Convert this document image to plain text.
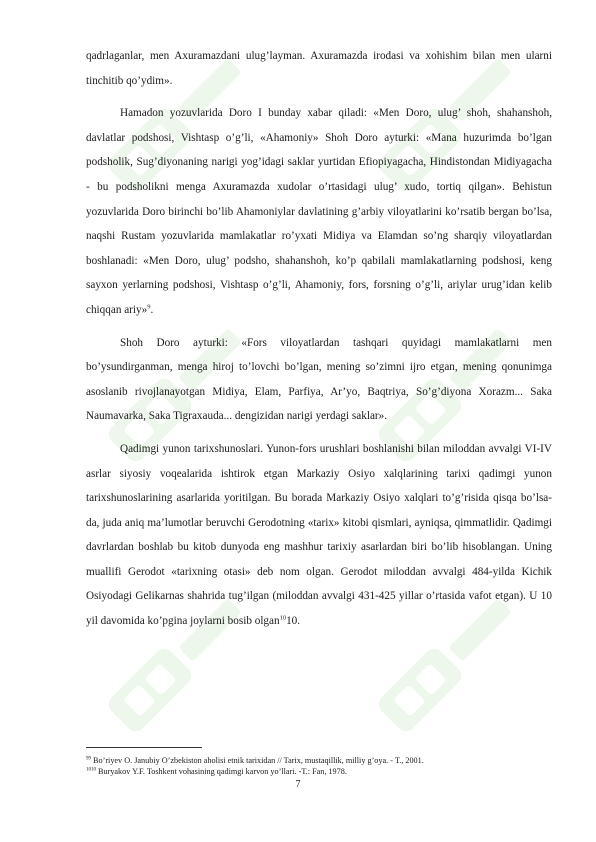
qadrlaganlar, men Axuramazdani ulug’layman. Axuramazda irodasi va xohishim bilan men ularni tinchitib qo’ydim».

Hamadon yozuvlarida Doro I bunday xabar qiladi: «Men Doro, ulug’ shoh, shahanshoh, davlatlar podshosi, Vishtasp o’g’li, «Ahamoniy» Shoh Doro ayturki: «Mana huzurimda bo’lgan podsholik, Sug’diyonaning narigi yog’idagi saklar yurtidan Efiopiyagacha, Hindistondan Midiyagacha - bu podsholikni menga Axuramazda xudolar o’rtasidagi ulug’ xudo, tortiq qilgan». Behistun yozuvlarida Doro birinchi bo’lib Ahamoniylar davlatining g’arbiy viloyatlarini ko’rsatib bergan bo’lsa, naqshi Rustam yozuvlarida mamlakatlar ro’yxati Midiya va Elamdan so’ng sharqiy viloyatlardan boshlanadi: «Men Doro, ulug’ podsho, shahanshoh, ko’p qabilali mamlakatlarning podshosi, keng sayxon yerlarning podshosi, Vishtasp o’g’li, Ahamoniy, fors, forsning o’g’li, ariylar urug’idan kelib chiqqan ariy»$^9$.

Shoh Doro ayturki: «Fors viloyatlardan tashqari quyidagi mamlakatlarni men bo’ysundirganman, menga hiroj to’lovchi bo’lgan, mening so’zimni ijro etgan, mening qonunimga asoslanib rivojlanayotgan Midiya, Elam, Parfiya, Ar’yo, Baqtriya, So’g’diyona Xorazm... Saka Naumavarka, Saka Tigraxauda... dengizidan narigi yerdagi saklar».

Qadimgi yunon tarixshunoslari. Yunon-fors urushlari boshlanishi bilan miloddan avvalgi VI-IV asrlar siyosiy voqealarida ishtirok etgan Markaziy Osiyo xalqlarining tarixi qadimgi yunon tarixshunoslarining asarlarida yoritilgan. Bu borada Markaziy Osiyo xalqlari to’g’risida qisqa bo’lsa-da, juda aniq ma’lumotlar beruvchi Gerodotning «tarix» kitobi qismlari, ayniqsa, qimmatlidir. Qadimgi davrlardan boshlab bu kitob dunyoda eng mashhur tarixiy asarlardan biri bo’lib hisoblangan. Uning muallifi Gerodot «tarixning otasi» deb nom olgan. Gerodot miloddan avvalgi 484-yilda Kichik Osiyodagi Gelikarnas shahrida tug’ilgan (miloddan avvalgi 431-425 yillar o’rtasida vafot etgan). U 10 yil davomida ko’pgina joylarni bosib olgan$^{10}$10.

$^{99}$ Bo’riyev O. Janubiy O’zbekiston aholisi etnik tarixidan // Tarix, mustaqillik, milliy g’oya. - T., 2001.
$^{1010}$ Buryakov Y.F. Toshkent vohasining qadimgi karvon yo’llari. -T.: Fan, 1978.
7
